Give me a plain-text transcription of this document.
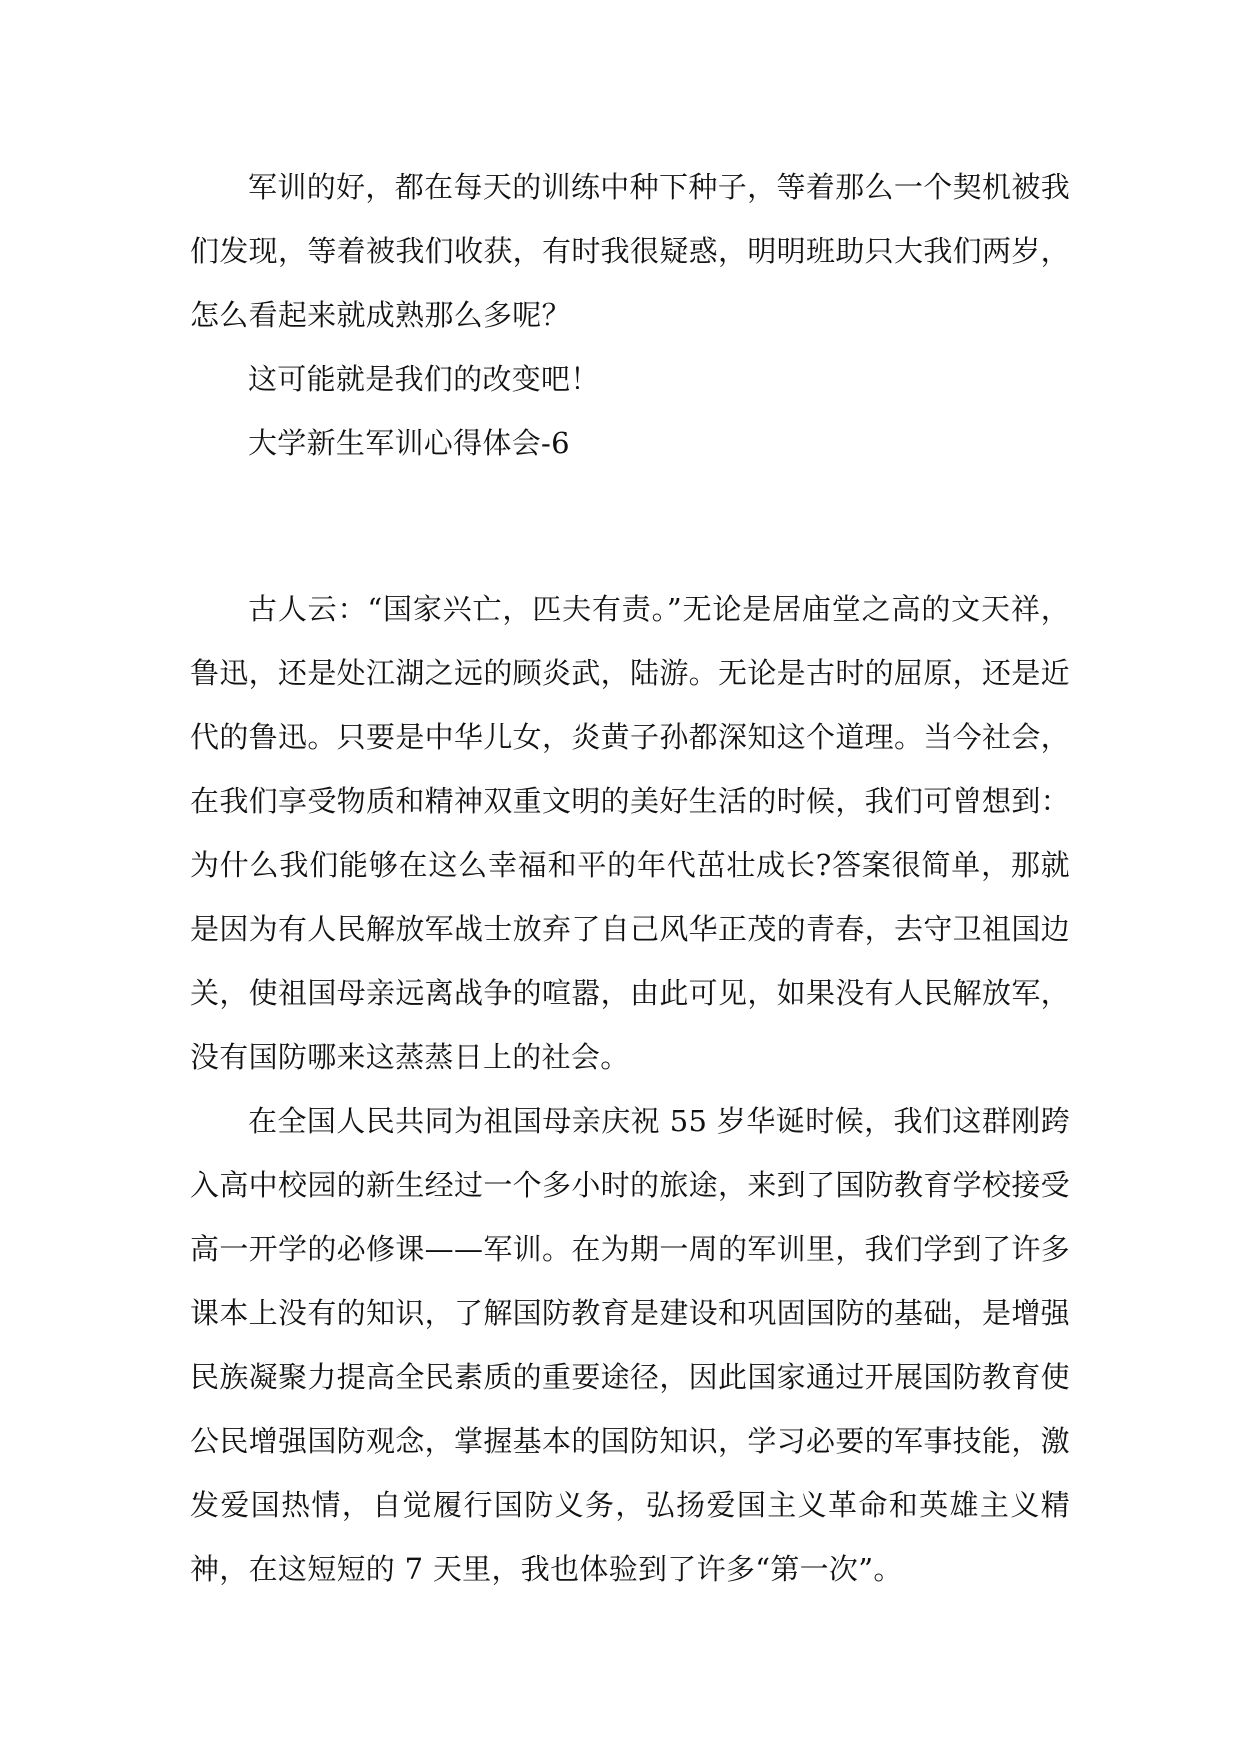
军训的好，都在每天的训练中种下种子，等着那么一个契机被我们发现，等着被我们收获，有时我很疑惑，明明班助只大我们两岁，怎么看起来就成熟那么多呢？

这可能就是我们的改变吧！

大学新生军训心得体会-6

古人云：“国家兴亡，匹夫有责。”无论是居庙堂之高的文天祥，鲁迅，还是处江湖之远的顾炎武，陆游。无论是古时的屈原，还是近代的鲁迅。只要是中华儿女，炎黄子孙都深知这个道理。当今社会，在我们享受物质和精神双重文明的美好生活的时候，我们可曾想到：为什么我们能够在这么幸福和平的年代茁壮成长?答案很简单，那就是因为有人民解放军战士放弃了自己风华正茂的青春，去守卫祖国边关，使祖国母亲远离战争的喧嚣，由此可见，如果没有人民解放军，没有国防哪来这蒸蒸日上的社会。

在全国人民共同为祖国母亲庆祝 55 岁华诞时候，我们这群刚跨入高中校园的新生经过一个多小时的旅途，来到了国防教育学校接受高一开学的必修课——军训。在为期一周的军训里，我们学到了许多课本上没有的知识，了解国防教育是建设和巩固国防的基础，是增强民族凝聚力提高全民素质的重要途径，因此国家通过开展国防教育使公民增强国防观念，掌握基本的国防知识，学习必要的军事技能，激发爱国热情，自觉履行国防义务，弘扬爱国主义革命和英雄主义精神，在这短短的 7 天里，我也体验到了许多“第一次”。
